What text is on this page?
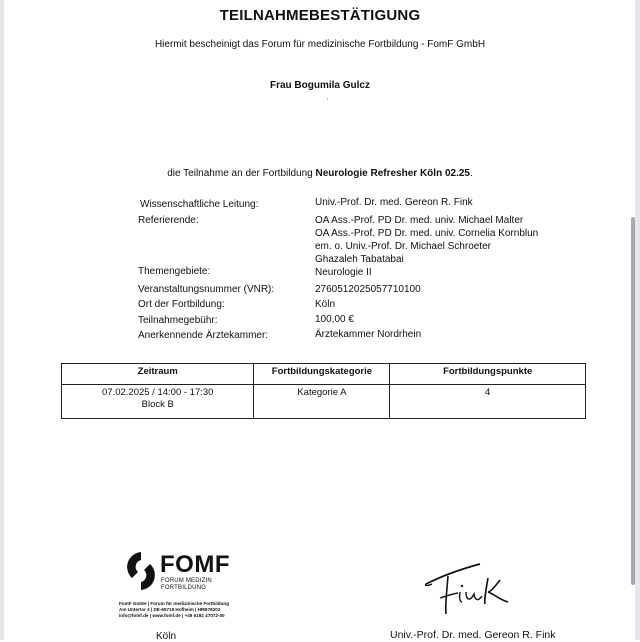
TEILNAHMEBESTÄTIGUNG
Hiermit bescheinigt das Forum für medizinische Fortbildung - FomF GmbH
Frau Bogumila Gulcz
die Teilnahme an der Fortbildung Neurologie Refresher Köln 02.25.
Wissenschaftliche Leitung:	Univ.-Prof. Dr. med. Gereon R. Fink
Referierende:	OA Ass.-Prof. PD Dr. med. univ. Michael Malter
OA Ass.-Prof. PD Dr. med. univ. Cornelia Kornblun
em. o. Univ.-Prof. Dr. Michael Schroeter
Ghazaleh Tabatabai
Themengebiete:	Neurologie II
Veranstaltungsnummer (VNR):	2760512025057710100
Ort der Fortbildung:	Köln
Teilnahmegebühr:	100,00 €
Anerkennende Ärztekammer:	Ärztekammer Nordrhein
Zeitraum	Fortbildungskategorie	Fortbildungspunkte

07.02.2025 / 14:00 - 17:30
Block B	Kategorie A	4
FOMF
FORUM MEDIZIN
FORTBILDUNG
FomF GmbH | Forum für medizinische Fortbildung
Am Untertor 4 | DE-65719 Hofheim | HRB78202
info@fomf.de | www.fomf.de | +49 6192 47072-00
Köln	Univ.-Prof. Dr. med. Gereon R. Fink
